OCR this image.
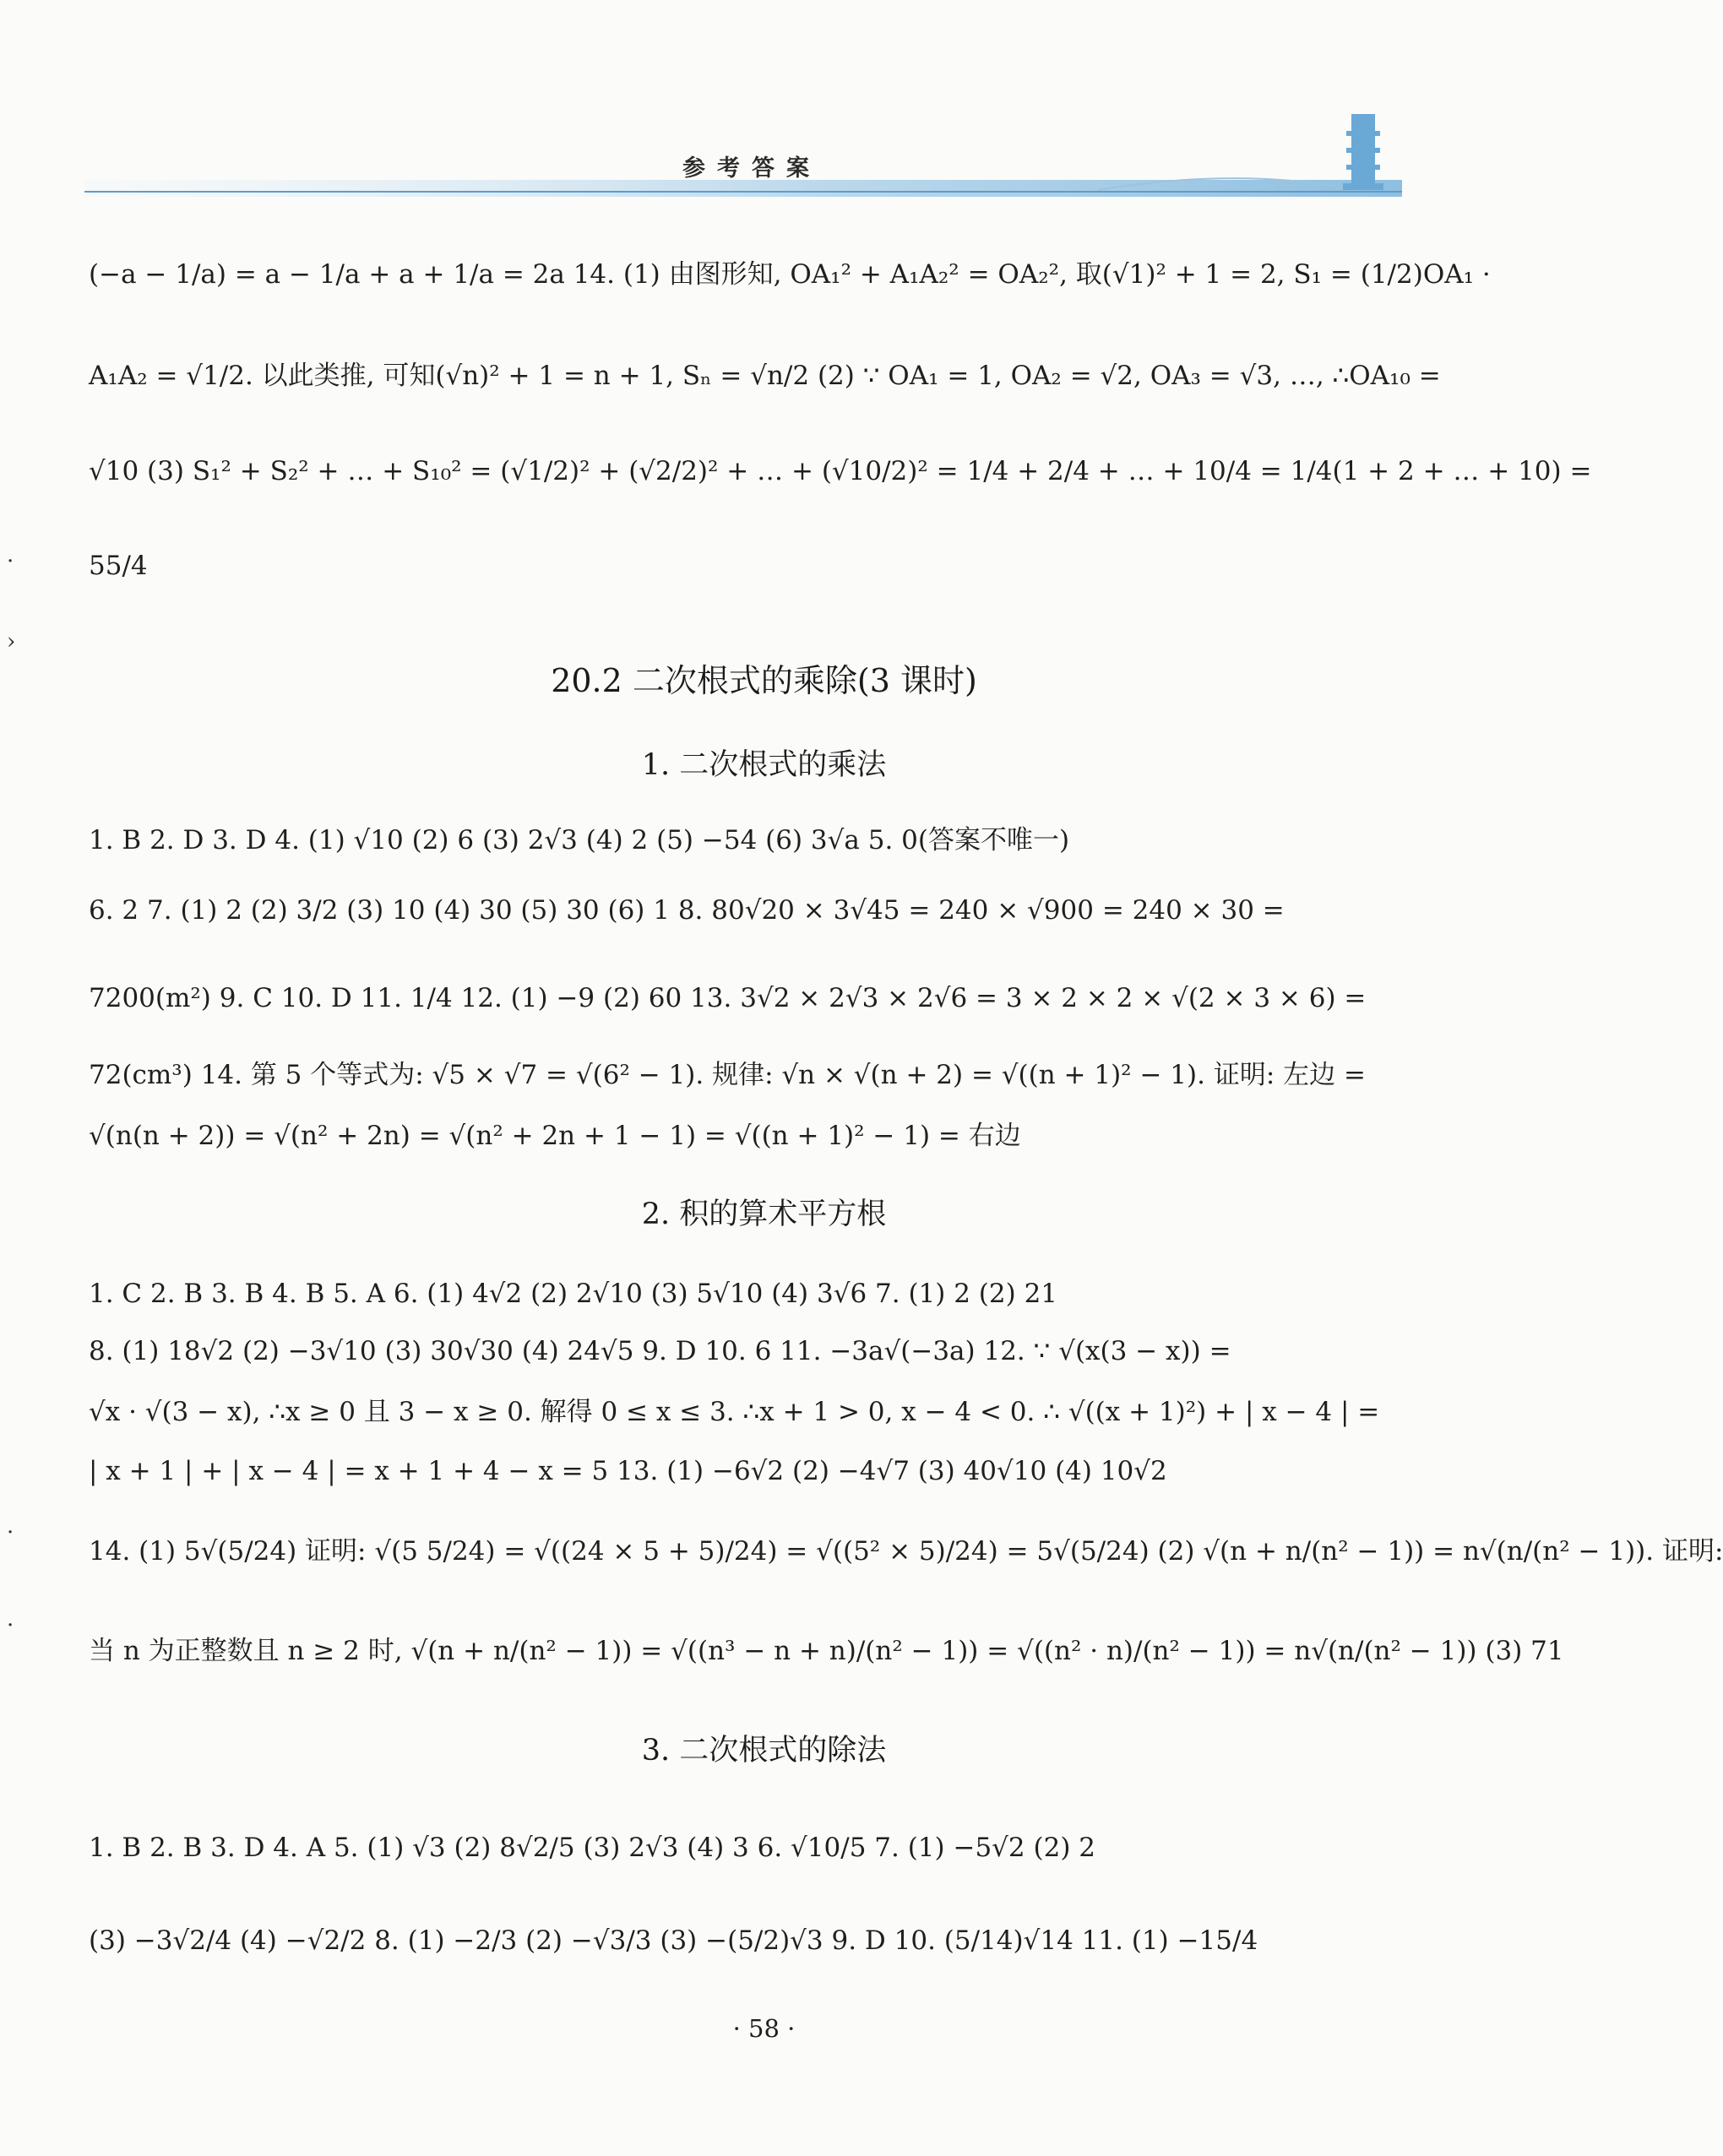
参考答案
·
›
·
·
(−a − 1/a) = a − 1/a + a + 1/a = 2a 14. (1) 由图形知, OA₁² + A₁A₂² = OA₂², 取(√1)² + 1 = 2, S₁ = (1/2)OA₁ ·
A₁A₂ = √1/2. 以此类推, 可知(√n)² + 1 = n + 1, Sₙ = √n/2 (2) ∵ OA₁ = 1, OA₂ = √2, OA₃ = √3, …, ∴OA₁₀ =
√10 (3) S₁² + S₂² + … + S₁₀² = (√1/2)² + (√2/2)² + … + (√10/2)² = 1/4 + 2/4 + … + 10/4 = 1/4(1 + 2 + … + 10) =
55/4
20.2 二次根式的乘除(3 课时)
1. 二次根式的乘法
1. B 2. D 3. D 4. (1) √10 (2) 6 (3) 2√3 (4) 2 (5) −54 (6) 3√a 5. 0(答案不唯一)
6. 2 7. (1) 2 (2) 3/2 (3) 10 (4) 30 (5) 30 (6) 1 8. 80√20 × 3√45 = 240 × √900 = 240 × 30 =
7200(m²) 9. C 10. D 11. 1/4 12. (1) −9 (2) 60 13. 3√2 × 2√3 × 2√6 = 3 × 2 × 2 × √(2 × 3 × 6) =
72(cm³) 14. 第 5 个等式为: √5 × √7 = √(6² − 1). 规律: √n × √(n + 2) = √((n + 1)² − 1). 证明: 左边 =
√(n(n + 2)) = √(n² + 2n) = √(n² + 2n + 1 − 1) = √((n + 1)² − 1) = 右边
2. 积的算术平方根
1. C 2. B 3. B 4. B 5. A 6. (1) 4√2 (2) 2√10 (3) 5√10 (4) 3√6 7. (1) 2 (2) 21
8. (1) 18√2 (2) −3√10 (3) 30√30 (4) 24√5 9. D 10. 6 11. −3a√(−3a) 12. ∵ √(x(3 − x)) =
√x · √(3 − x), ∴x ≥ 0 且 3 − x ≥ 0. 解得 0 ≤ x ≤ 3. ∴x + 1 > 0, x − 4 < 0. ∴ √((x + 1)²) + | x − 4 | =
| x + 1 | + | x − 4 | = x + 1 + 4 − x = 5 13. (1) −6√2 (2) −4√7 (3) 40√10 (4) 10√2
14. (1) 5√(5/24) 证明: √(5 5/24) = √((24 × 5 + 5)/24) = √((5² × 5)/24) = 5√(5/24) (2) √(n + n/(n² − 1)) = n√(n/(n² − 1)). 证明:
当 n 为正整数且 n ≥ 2 时, √(n + n/(n² − 1)) = √((n³ − n + n)/(n² − 1)) = √((n² · n)/(n² − 1)) = n√(n/(n² − 1)) (3) 71
3. 二次根式的除法
1. B 2. B 3. D 4. A 5. (1) √3 (2) 8√2/5 (3) 2√3 (4) 3 6. √10/5 7. (1) −5√2 (2) 2
(3) −3√2/4 (4) −√2/2 8. (1) −2/3 (2) −√3/3 (3) −(5/2)√3 9. D 10. (5/14)√14 11. (1) −15/4
· 58 ·
